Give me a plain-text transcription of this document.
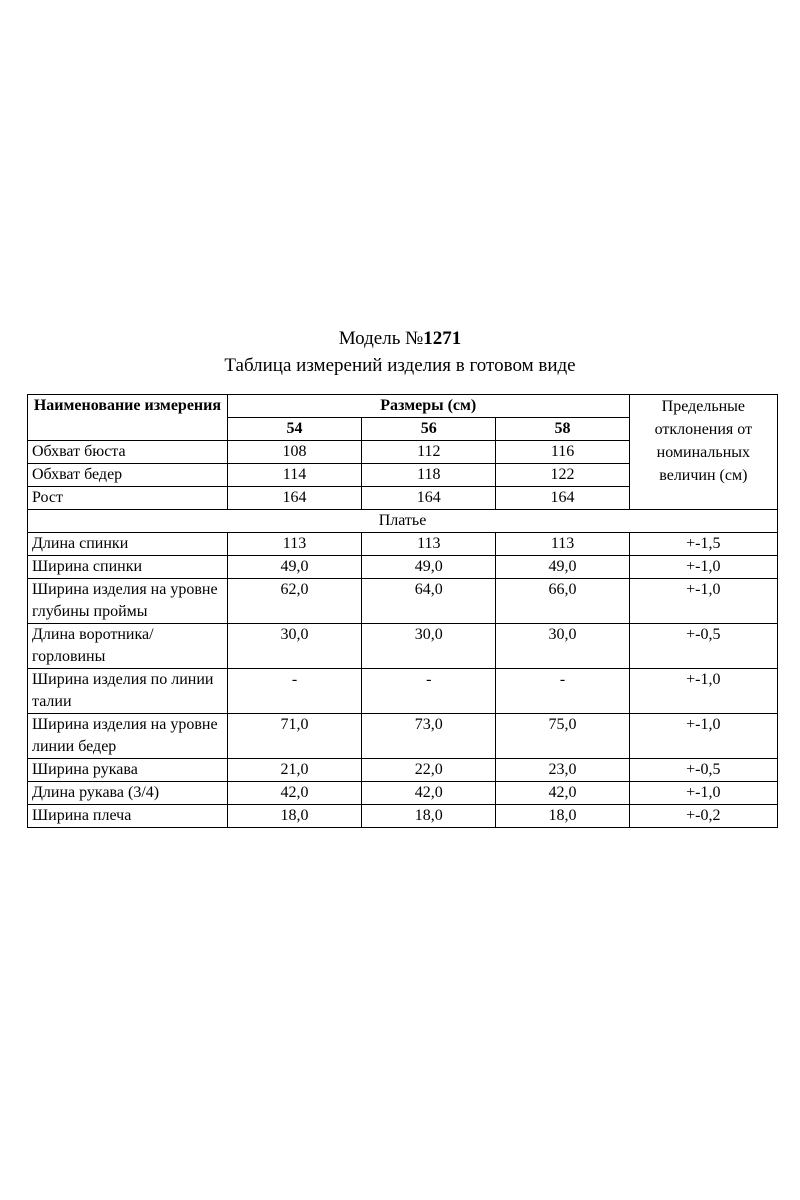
Модель №1271
Таблица измерений изделия в готовом виде
Наименование измерения	Размеры (см)			Предельные отклонения от номинальных величин (см)
	54	56	58	
Обхват бюста	108	112	116	
Обхват бедер	114	118	122	
Рост	164	164	164	
Платье				
Длина спинки	113	113	113	+-1,5
Ширина спинки	49,0	49,0	49,0	+-1,0
Ширина изделия на уровне глубины проймы	62,0	64,0	66,0	+-1,0
Длина воротника/горловины	30,0	30,0	30,0	+-0,5
Ширина изделия по линии талии	-	-	-	+-1,0
Ширина изделия на уровне линии бедер	71,0	73,0	75,0	+-1,0
Ширина рукава	21,0	22,0	23,0	+-0,5
Длина рукава (3/4)	42,0	42,0	42,0	+-1,0
Ширина плеча	18,0	18,0	18,0	+-0,2
